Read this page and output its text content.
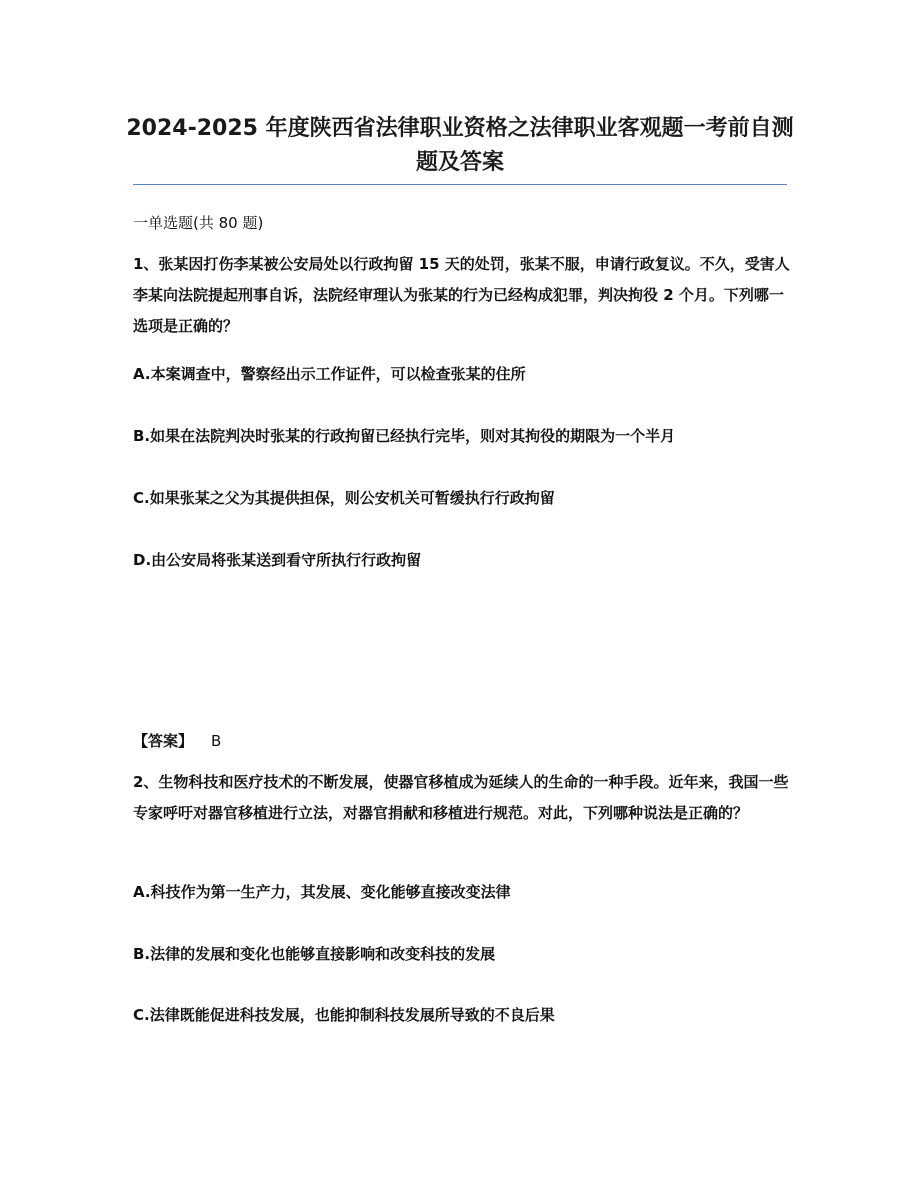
2024-2025 年度陕西省法律职业资格之法律职业客观题一考前自测题及答案
一单选题(共 80 题)
1、张某因打伤李某被公安局处以行政拘留 15 天的处罚，张某不服，申请行政复议。不久，受害人李某向法院提起刑事自诉，法院经审理认为张某的行为已经构成犯罪，判决拘役 2 个月。下列哪一选项是正确的？
A.本案调查中，警察经出示工作证件，可以检查张某的住所
B.如果在法院判决时张某的行政拘留已经执行完毕，则对其拘役的期限为一个半月
C.如果张某之父为其提供担保，则公安机关可暂缓执行行政拘留
D.由公安局将张某送到看守所执行行政拘留
【答案】 B
2、生物科技和医疗技术的不断发展，使器官移植成为延续人的生命的一种手段。近年来，我国一些专家呼吁对器官移植进行立法，对器官捐献和移植进行规范。对此，下列哪种说法是正确的？
A.科技作为第一生产力，其发展、变化能够直接改变法律
B.法律的发展和变化也能够直接影响和改变科技的发展
C.法律既能促进科技发展，也能抑制科技发展所导致的不良后果
